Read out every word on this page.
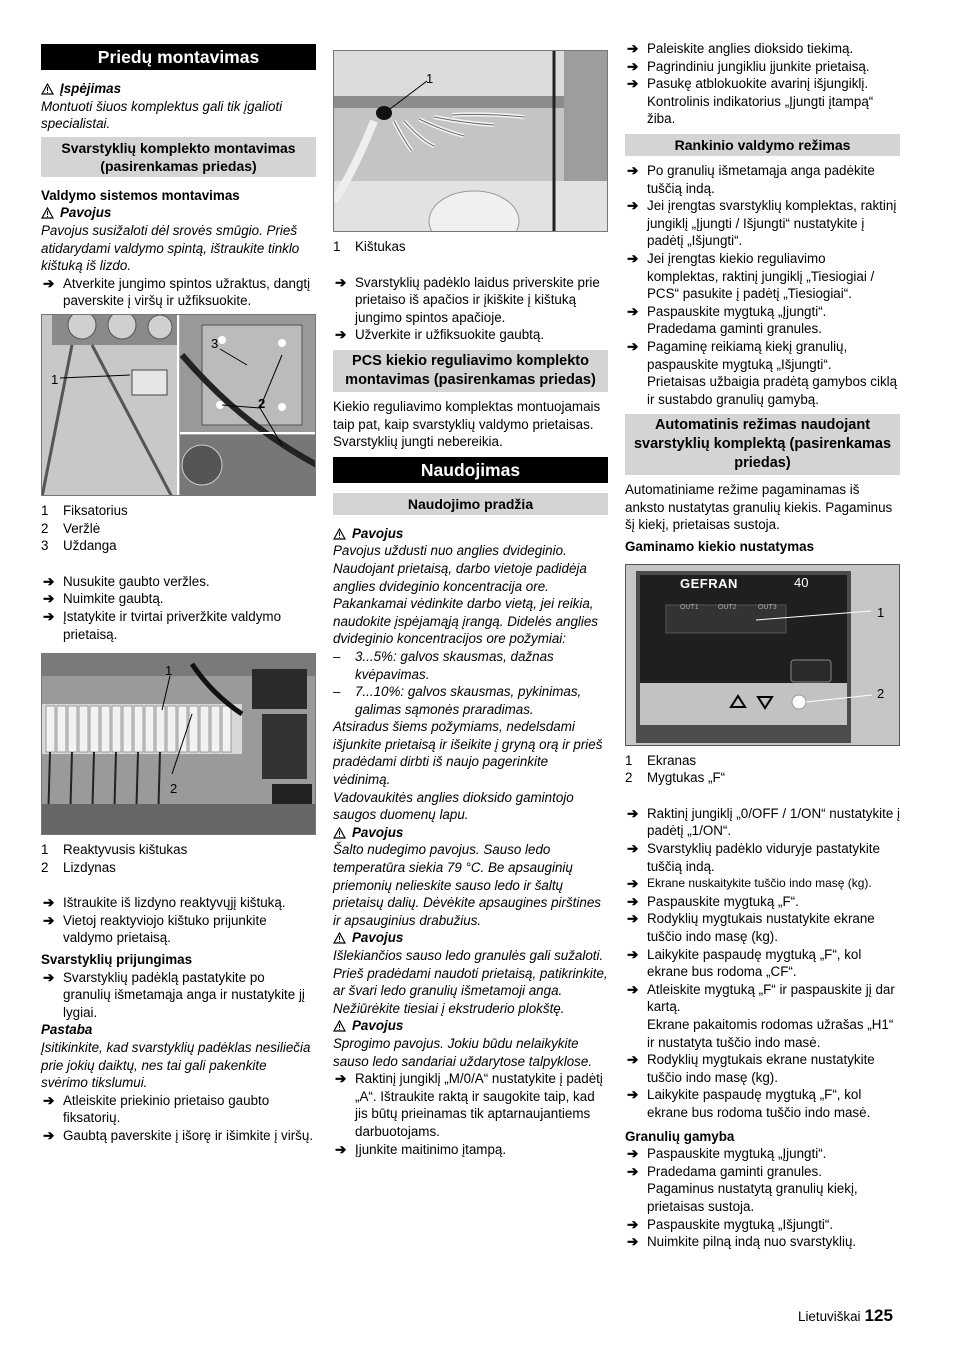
Priedų montavimas
Įspėjimas
Montuoti šiuos komplektus gali tik įgalioti specialistai.
Svarstyklių komplekto montavimas (pasirenkamas priedas)
Valdymo sistemos montavimas
Pavojus
Pavojus susižaloti dėl srovės smūgio. Prieš atidarydami valdymo spintą, ištraukite tinklo kištuką iš lizdo.
➔ Atverkite jungimo spintos užraktus, dangtį paverskite į viršų ir užfiksuokite.
1
3
2
1	Fiksatorius
2	Veržlė
3	Uždanga
➔ Nusukite gaubto veržles.
➔ Nuimkite gaubtą.
➔ Įstatykite ir tvirtai priveržkite valdymo prietaisą.
1
2
1	Reaktyvusis kištukas
2	Lizdynas
➔ Ištraukite iš lizdyno reaktyvųjį kištuką.
➔ Vietoj reaktyviojo kištuko prijunkite valdymo prietaisą.
Svarstyklių prijungimas
➔ Svarstyklių padėklą pastatykite po granulių išmetamąja anga ir nustatykite jį lygiai.
Pastaba
Įsitikinkite, kad svarstyklių padėklas nesiliečia prie jokių daiktų, nes tai gali pakenkite svėrimo tikslumui.
➔ Atleiskite priekinio prietaiso gaubto fiksatorių.
➔ Gaubtą paverskite į išorę ir išimkite į viršų.
1
1	Kištukas
➔ Svarstyklių padėklo laidus priverskite prie prietaiso iš apačios ir įkiškite į kištuką jungimo spintos apačioje.
➔ Užverkite ir užfiksuokite gaubtą.
PCS kiekio reguliavimo komplekto montavimas (pasirenkamas priedas)
Kiekio reguliavimo komplektas montuojamais taip pat, kaip svarstyklių valdymo prietaisas.
Svarstyklių jungti nebereikia.
Naudojimas
Naudojimo pradžia
Pavojus
Pavojus uždusti nuo anglies dvideginio. Naudojant prietaisą, darbo vietoje padidėja anglies dvideginio koncentracija ore. Pakankamai vėdinkite darbo vietą, jei reikia, naudokite įspėjamąją įrangą. Didelės anglies dvideginio koncentracijos ore požymiai:
–	3...5%: galvos skausmas, dažnas kvėpavimas.
–	7...10%: galvos skausmas, pykinimas, galimas sąmonės praradimas.
Atsiradus šiems požymiams, nedelsdami išjunkite prietaisą ir išeikite į gryną orą ir prieš pradėdami dirbti iš naujo pagerinkite vėdinimą.
Vadovaukitės anglies dioksido gamintojo saugos duomenų lapu.
Pavojus
Šalto nudegimo pavojus. Sauso ledo temperatūra siekia 79 °C. Be apsauginių priemonių nelieskite sauso ledo ir šaltų prietaisų dalių. Dėvėkite apsaugines pirštines ir apsauginius drabužius.
Pavojus
Išlekiančios sauso ledo granulės gali sužaloti. Prieš pradėdami naudoti prietaisą, patikrinkite, ar švari ledo granulių išmetamoji anga. Nežiūrėkite tiesiai į ekstruderio plokštę.
Pavojus
Sprogimo pavojus. Jokiu būdu nelaikykite sauso ledo sandariai uždarytose talpyklose.
➔ Raktinį jungiklį „M/0/A“ nustatykite į padėtį „A“. Ištraukite raktą ir saugokite taip, kad jis būtų prieinamas tik aptarnaujantiems darbuotojams.
➔ Įjunkite maitinimo įtampą.
➔ Paleiskite anglies dioksido tiekimą.
➔ Pagrindiniu jungikliu įjunkite prietaisą.
➔ Pasukę atblokuokite avarinį išjungiklį.
Kontrolinis indikatorius „Įjungti įtampą“ žiba.
Rankinio valdymo režimas
➔ Po granulių išmetamąja anga padėkite tuščią indą.
➔ Jei įrengtas svarstyklių komplektas, raktinį jungiklį „Įjungti / Išjungti“ nustatykite į padėtį „Išjungti“.
➔ Jei įrengtas kiekio reguliavimo komplektas, raktinį jungiklį „Tiesiogiai / PCS“ pasukite į padėtį „Tiesiogiai“.
➔ Paspauskite mygtuką „Įjungti“.
Pradedama gaminti granules.
➔ Pagaminę reikiamą kiekį granulių, paspauskite mygtuką „Išjungti“.
Prietaisas užbaigia pradėtą gamybos ciklą ir sustabdo granulių gamybą.
Automatinis režimas naudojant svarstyklių komplektą (pasirenkamas priedas)
Automatiniame režime pagaminamas iš anksto nustatytas granulių kiekis. Pagaminus šį kiekį, prietaisas sustoja.
Gaminamo kiekio nustatymas
GEFRAN	40
OUT1	OUT2	OUT3	1
2
1	Ekranas
2	Mygtukas „F“
➔ Raktinį jungiklį „0/OFF / 1/ON“ nustatykite į padėtį „1/ON“.
➔ Svarstyklių padėklo viduryje pastatykite tuščią indą.
➔ Ekrane nuskaitykite tuščio indo masę (kg).
➔ Paspauskite mygtuką „F“.
➔ Rodyklių mygtukais nustatykite ekrane tuščio indo masę (kg).
➔ Laikykite paspaudę mygtuką „F“, kol ekrane bus rodoma „CF“.
➔ Atleiskite mygtuką „F“ ir paspauskite jį dar kartą.
Ekrane pakaitomis rodomas užrašas „H1“ ir nustatyta tuščio indo masė.
➔ Rodyklių mygtukais ekrane nustatykite tuščio indo masę (kg).
➔ Laikykite paspaudę mygtuką „F“, kol ekrane bus rodoma tuščio indo masė.
Granulių gamyba
➔ Paspauskite mygtuką „Įjungti“.
➔ Pradedama gaminti granules.
Pagaminus nustatytą granulių kiekį, prietaisas sustoja.
➔ Paspauskite mygtuką „Išjungti“.
➔ Nuimkite pilną indą nuo svarstyklių.
Lietuviškai 125
